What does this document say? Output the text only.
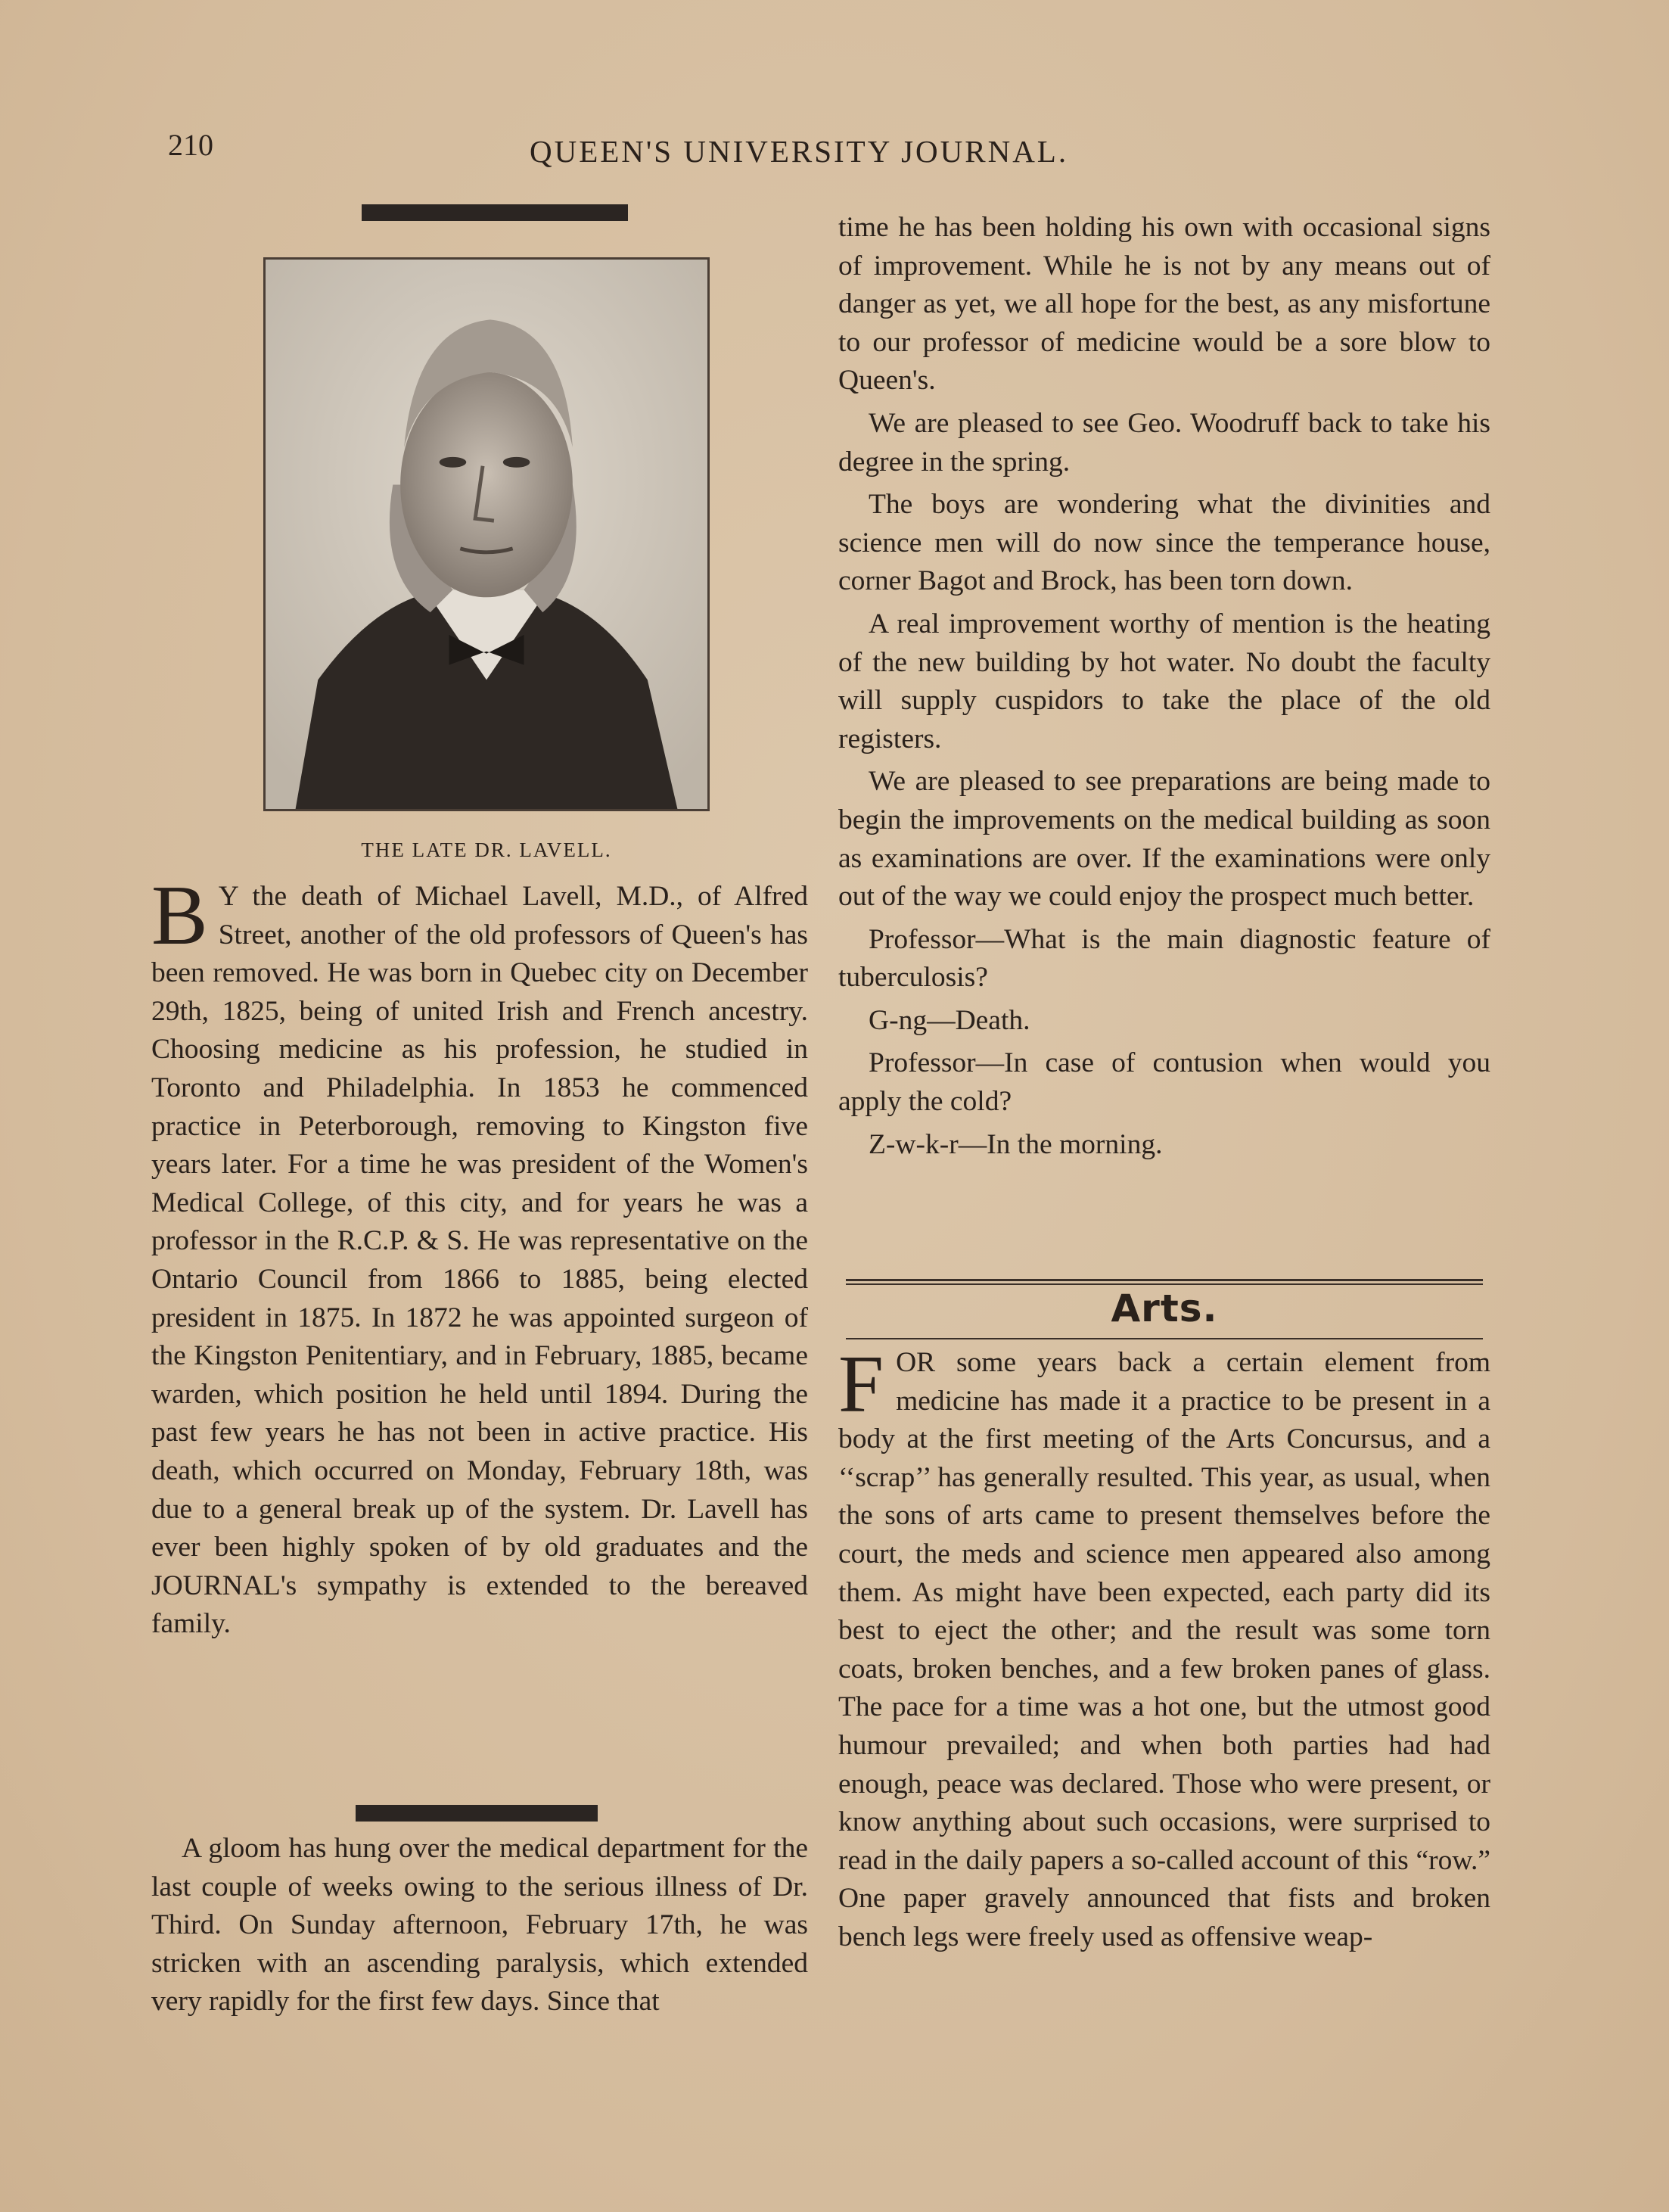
210	QUEEN'S UNIVERSITY JOURNAL.
THE LATE DR. LAVELL.
B Y the death of Michael Lavell, M.D., of Alfred Street, another of the old professors of Queen's has been removed. He was born in Quebec city on December 29th, 1825, being of united Irish and French ancestry. Choosing medicine as his profession, he studied in Toronto and Philadelphia. In 1853 he commenced practice in Peterborough, removing to Kingston five years later. For a time he was president of the Women's Medical College, of this city, and for years he was a professor in the R.C.P. & S. He was representative on the Ontario Council from 1866 to 1885, being elected president in 1875. In 1872 he was appointed surgeon of the Kingston Penitentiary, and in February, 1885, became warden, which position he held until 1894. During the past few years he has not been in active practice. His death, which occurred on Monday, February 18th, was due to a general break up of the system. Dr. Lavell has ever been highly spoken of by old graduates and the JOURNAL's sympathy is extended to the bereaved family.

A gloom has hung over the medical department for the last couple of weeks owing to the serious illness of Dr. Third. On Sunday afternoon, February 17th, he was stricken with an ascending paralysis, which extended very rapidly for the first few days. Since that

time he has been holding his own with occasional signs of improvement. While he is not by any means out of danger as yet, we all hope for the best, as any misfortune to our professor of medicine would be a sore blow to Queen's.

We are pleased to see Geo. Woodruff back to take his degree in the spring.

The boys are wondering what the divinities and science men will do now since the temperance house, corner Bagot and Brock, has been torn down.

A real improvement worthy of mention is the heating of the new building by hot water. No doubt the faculty will supply cuspidors to take the place of the old registers.

We are pleased to see preparations are being made to begin the improvements on the medical building as soon as examinations are over. If the examinations were only out of the way we could enjoy the prospect much better.

Professor—What is the main diagnostic feature of tuberculosis?

G-ng—Death.

Professor—In case of contusion when would you apply the cold?

Z-w-k-r—In the morning.

Arts.
F OR some years back a certain element from medicine has made it a practice to be present in a body at the first meeting of the Arts Concursus, and a ‘‘scrap’’ has generally resulted. This year, as usual, when the sons of arts came to present themselves before the court, the meds and science men appeared also among them. As might have been expected, each party did its best to eject the other; and the result was some torn coats, broken benches, and a few broken panes of glass. The pace for a time was a hot one, but the utmost good humour prevailed; and when both parties had had enough, peace was declared. Those who were present, or know anything about such occasions, were surprised to read in the daily papers a so-called account of this “row.” One paper gravely announced that fists and broken bench legs were freely used as offensive weap-
